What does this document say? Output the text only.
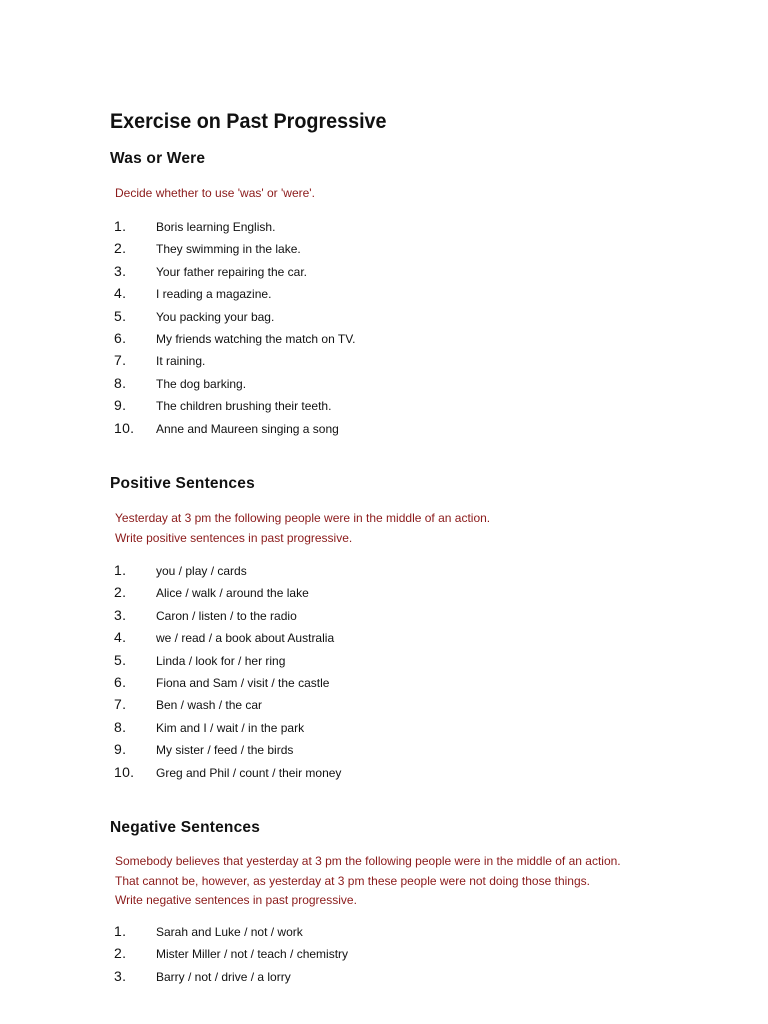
Exercise on Past Progressive
Was or Were
Decide whether to use 'was' or 'were'.
1. Boris learning English.
2. They swimming in the lake.
3. Your father repairing the car.
4. I reading a magazine.
5. You packing your bag.
6. My friends watching the match on TV.
7. It raining.
8. The dog barking.
9. The children brushing their teeth.
10. Anne and Maureen singing a song
Positive Sentences
Yesterday at 3 pm the following people were in the middle of an action.
Write positive sentences in past progressive.
1. you / play / cards
2. Alice / walk / around the lake
3. Caron / listen / to the radio
4. we / read / a book about Australia
5. Linda / look for / her ring
6. Fiona and Sam / visit / the castle
7. Ben / wash / the car
8. Kim and I / wait / in the park
9. My sister / feed / the birds
10. Greg and Phil / count / their money
Negative Sentences
Somebody believes that yesterday at 3 pm the following people were in the middle of an action.
That cannot be, however, as yesterday at 3 pm these people were not doing those things.
Write negative sentences in past progressive.
1. Sarah and Luke / not / work
2. Mister Miller / not / teach / chemistry
3. Barry / not / drive / a lorry
